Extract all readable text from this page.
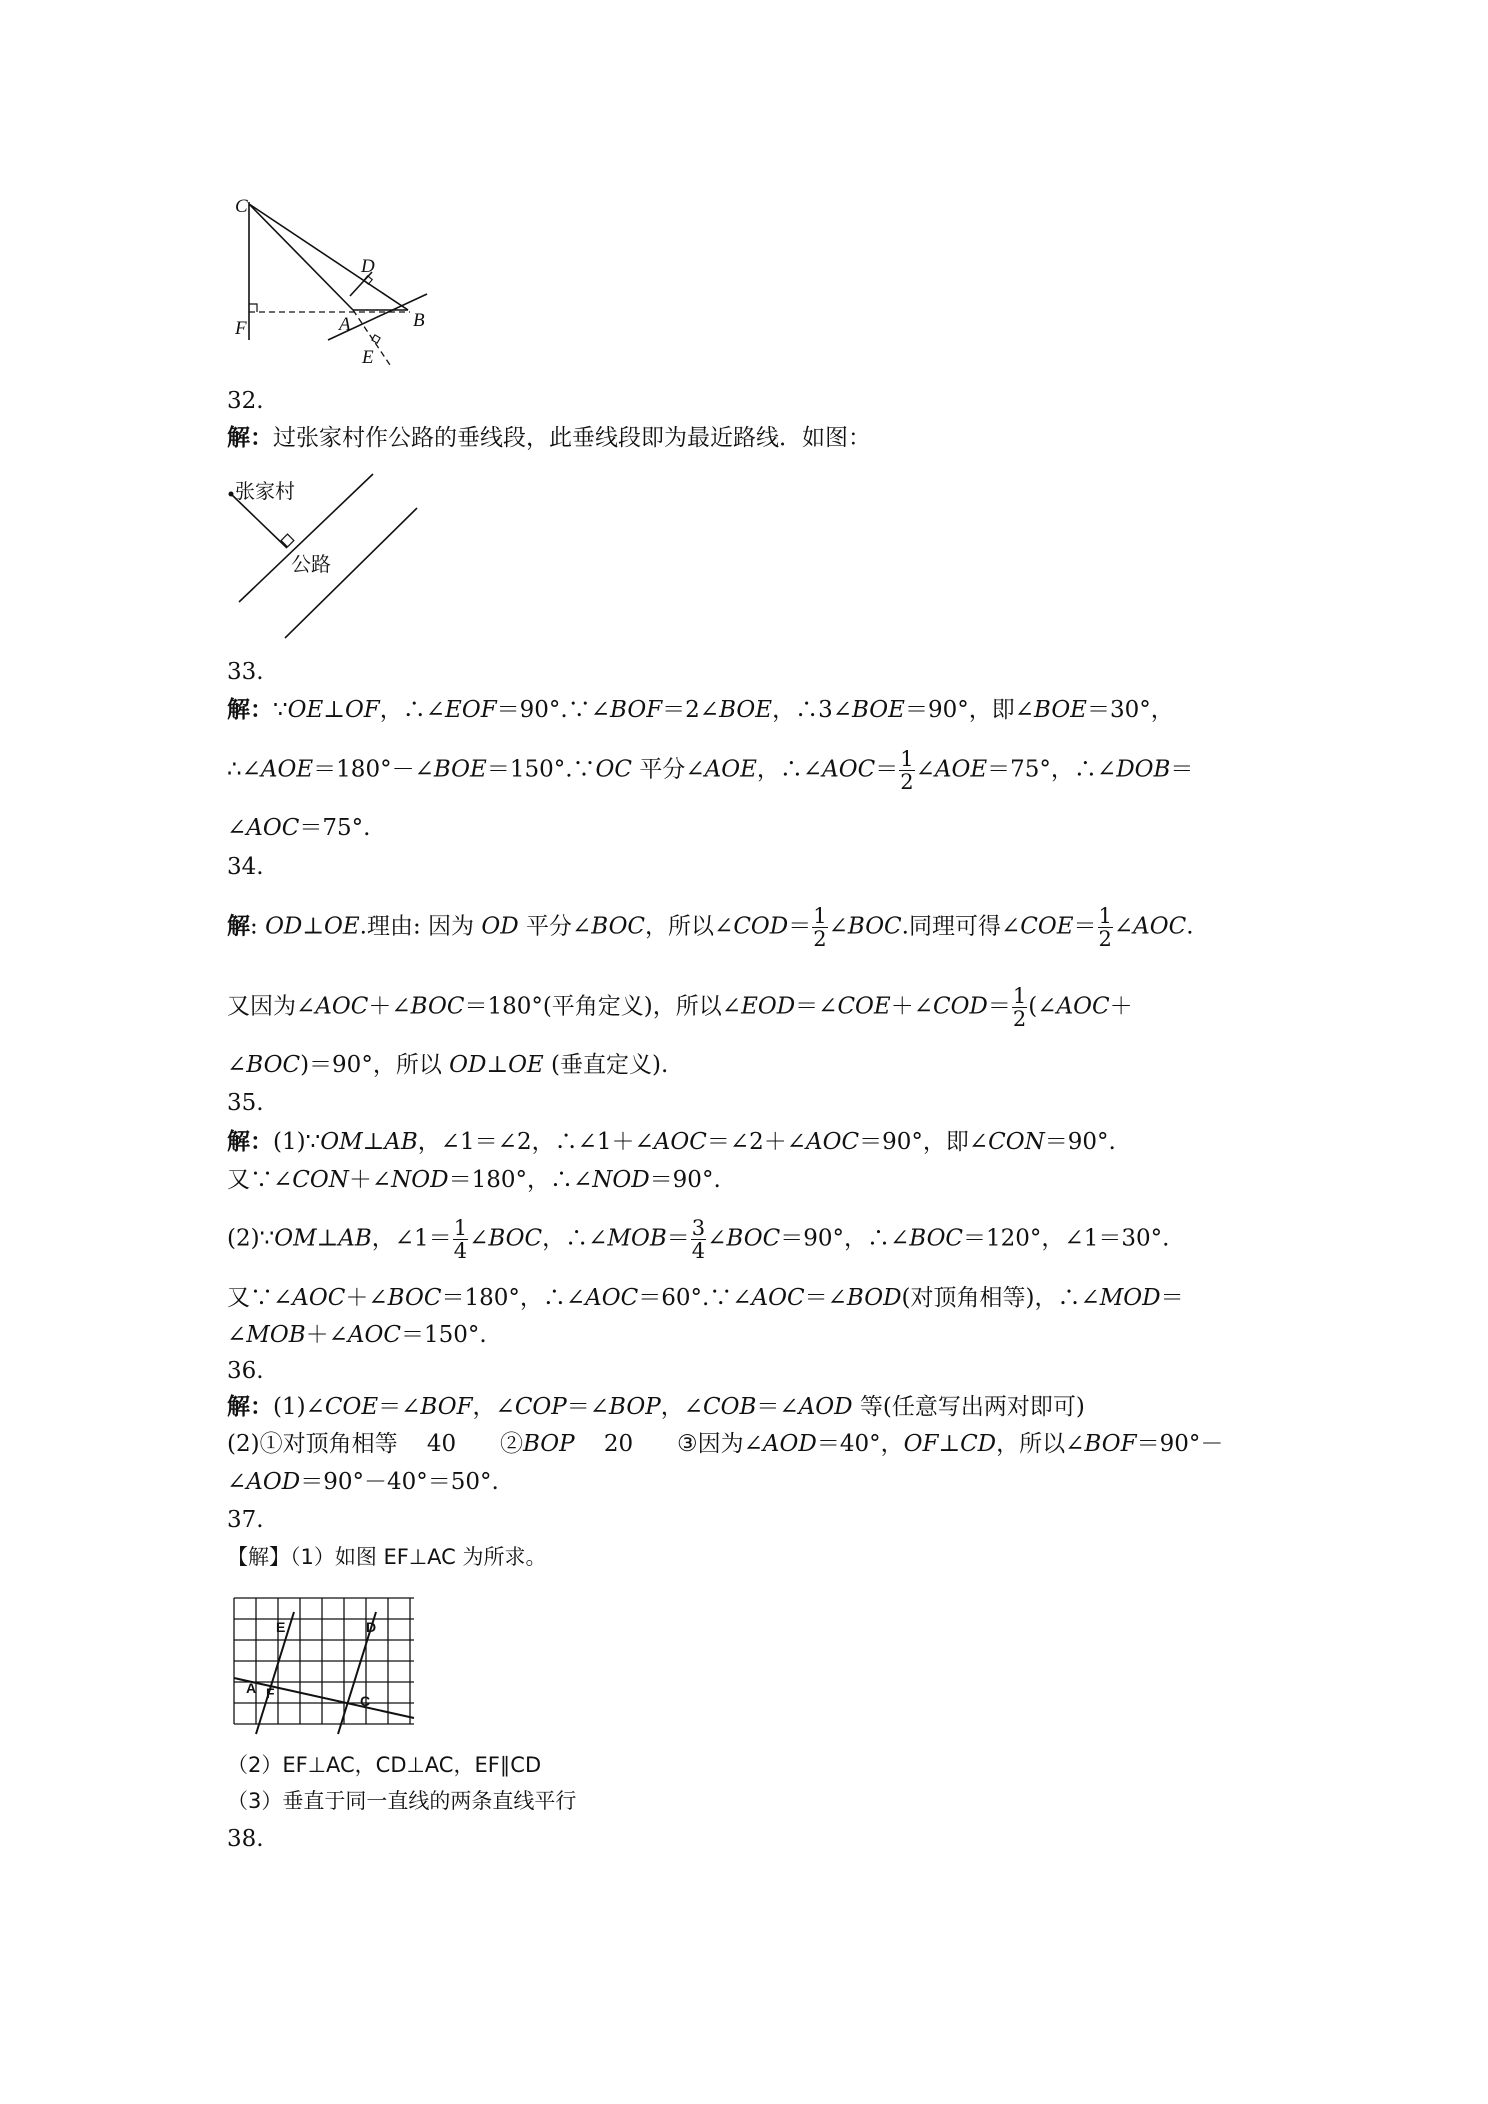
C
D
F	A	B
E
32.
解：过张家村作公路的垂线段，此垂线段即为最近路线．如图：
张家村
公路
33.
解：∵OE⊥OF，∴∠EOF＝90°.∵∠BOF＝2∠BOE，∴3∠BOE＝90°，即∠BOE＝30°，
∴∠AOE＝180°－∠BOE＝150°.∵OC 平分∠AOE，∴∠AOC＝ $\frac{1}{2}$ ∠AOE＝75°，∴∠DOB＝
∠AOC＝75°.
34.
解: OD⊥OE.理由: 因为 OD 平分∠BOC，所以∠COD＝ $\frac{1}{2}$ ∠BOC.同理可得∠COE＝ $\frac{1}{2}$ ∠AOC.
又因为∠AOC＋∠BOC＝180°(平角定义)，所以∠EOD＝∠COE＋∠COD＝ $\frac{1}{2}$ (∠AOC＋
∠BOC)＝90°，所以 OD⊥OE (垂直定义).
35.
解：(1)∵OM⊥AB，∠1＝∠2，∴∠1＋∠AOC＝∠2＋∠AOC＝90°，即∠CON＝90°.
又∵∠CON＋∠NOD＝180°，∴∠NOD＝90°.
(2)∵OM⊥AB，∠1＝ $\frac{1}{4}$ ∠BOC，∴∠MOB＝ $\frac{3}{4}$ ∠BOC＝90°，∴∠BOC＝120°，∠1＝30°.
又∵∠AOC＋∠BOC＝180°，∴∠AOC＝60°.∵∠AOC＝∠BOD(对顶角相等)，∴∠MOD＝
∠MOB＋∠AOC＝150°.
36.
解：(1)∠COE＝∠BOF，∠COP＝∠BOP，∠COB＝∠AOD 等(任意写出两对即可)
(2)①对顶角相等    40      ②BOP    20      ③因为∠AOD＝40°，OF⊥CD，所以∠BOF＝90°－
∠AOD＝90°－40°＝50°.
37.
【解】（1）如图 EF⊥AC 为所求。
E	D
A F	C
（2）EF⊥AC，CD⊥AC，EF∥CD
（3）垂直于同一直线的两条直线平行
38.
